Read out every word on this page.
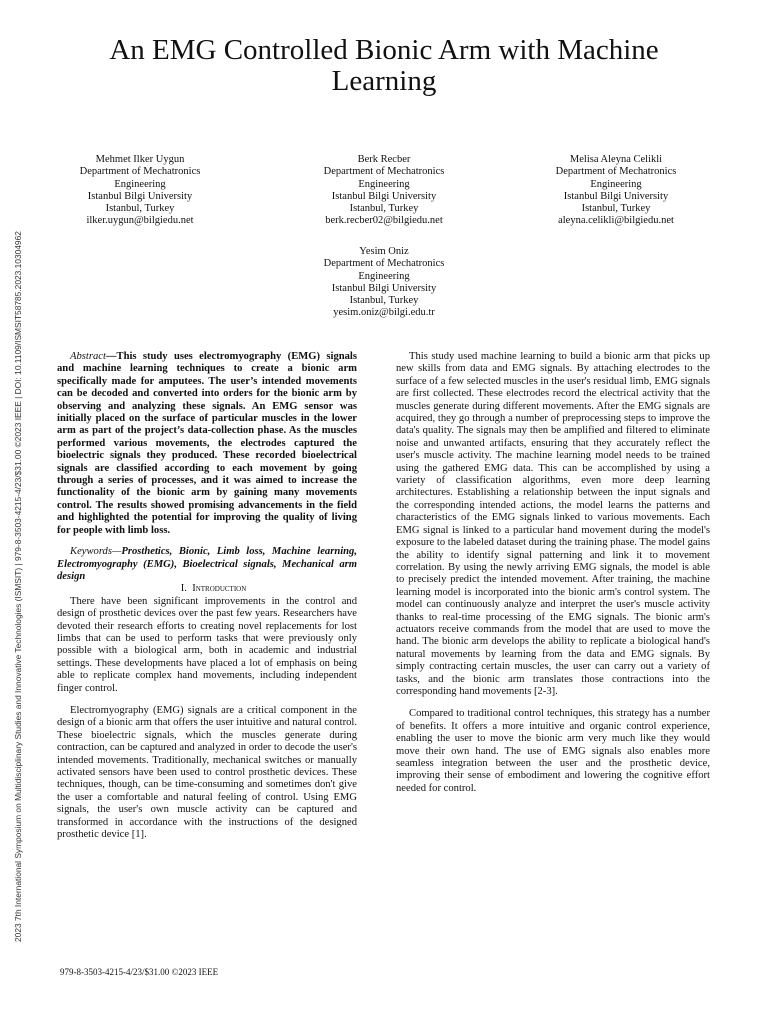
2023 7th International Symposium on Multidisciplinary Studies and Innovative Technologies (ISMSIT) | 979-8-3503-4215-4/23/$31.00 ©2023 IEEE | DOI: 10.1109/ISMSIT58785.2023.10304962
An EMG Controlled Bionic Arm with Machine Learning
Mehmet Ilker Uygun
Department of Mechatronics
Engineering
Istanbul Bilgi University
Istanbul, Turkey
ilker.uygun@bilgiedu.net
Berk Recber
Department of Mechatronics
Engineering
Istanbul Bilgi University
Istanbul, Turkey
berk.recber02@bilgiedu.net
Melisa Aleyna Celikli
Department of Mechatronics
Engineering
Istanbul Bilgi University
Istanbul, Turkey
aleyna.celikli@bilgiedu.net
Yesim Oniz
Department of Mechatronics
Engineering
Istanbul Bilgi University
Istanbul, Turkey
yesim.oniz@bilgi.edu.tr

Abstract—This study uses electromyography (EMG) signals and machine learning techniques to create a bionic arm specifically made for amputees. The user’s intended movements can be decoded and converted into orders for the bionic arm by observing and analyzing these signals. An EMG sensor was initially placed on the surface of particular muscles in the lower arm as part of the project’s data-collection phase. As the muscles performed various movements, the electrodes captured the bioelectric signals they produced. These recorded bioelectrical signals are classified according to each movement by going through a series of processes, and it was aimed to increase the functionality of the bionic arm by gaining many movements control. The results showed promising advancements in the field and highlighted the potential for improving the quality of living for people with limb loss.

Keywords—Prosthetics, Bionic, Limb loss, Machine learning, Electromyography (EMG), Bioelectrical signals, Mechanical arm design

I. Introduction

There have been significant improvements in the control and design of prosthetic devices over the past few years. Researchers have devoted their research efforts to creating novel replacements for lost limbs that can be used to perform tasks that were previously only possible with a biological arm, both in academic and industrial settings. These developments have placed a lot of emphasis on being able to replicate complex hand movements, including independent finger control.

Electromyography (EMG) signals are a critical component in the design of a bionic arm that offers the user intuitive and natural control. These bioelectric signals, which the muscles generate during contraction, can be captured and analyzed in order to decode the user's intended movements. Traditionally, mechanical switches or manually activated sensors have been used to control prosthetic devices. These techniques, though, can be time-consuming and sometimes don't give the user a comfortable and natural feeling of control. Using EMG signals, the user's own muscle activity can be captured and transformed in accordance with the instructions of the designed prosthetic device [1].

This study used machine learning to build a bionic arm that picks up new skills from data and EMG signals. By attaching electrodes to the surface of a few selected muscles in the user's residual limb, EMG signals are first collected. These electrodes record the electrical activity that the muscles generate during different movements. After the EMG signals are acquired, they go through a number of preprocessing steps to improve the data's quality. The signals may then be amplified and filtered to eliminate noise and unwanted artifacts, ensuring that they accurately reflect the user's muscle activity. The machine learning model needs to be trained using the gathered EMG data. This can be accomplished by using a variety of classification algorithms, even more deep learning architectures. Establishing a relationship between the input signals and the corresponding intended actions, the model learns the patterns and characteristics of the EMG signals linked to various movements. Each EMG signal is linked to a particular hand movement during the model's exposure to the labeled dataset during the training phase. The model gains the ability to identify signal patterning and link it to movement correlation. By using the newly arriving EMG signals, the model is able to precisely predict the intended movement. After training, the machine learning model is incorporated into the bionic arm's control system. The model can continuously analyze and interpret the user's muscle activity thanks to real-time processing of the EMG signals. The bionic arm's actuators receive commands from the model that are used to move the hand. The bionic arm develops the ability to replicate a biological hand's natural movements by learning from the data and EMG signals. By simply contracting certain muscles, the user can carry out a variety of tasks, and the bionic arm translates those contractions into the corresponding hand movements [2-3].

Compared to traditional control techniques, this strategy has a number of benefits. It offers a more intuitive and organic control experience, enabling the user to move the bionic arm very much like they would move their own hand. The use of EMG signals also enables more seamless integration between the user and the prosthetic device, improving their sense of embodiment and lowering the cognitive effort needed for control.

979-8-3503-4215-4/23/$31.00 ©2023 IEEE
